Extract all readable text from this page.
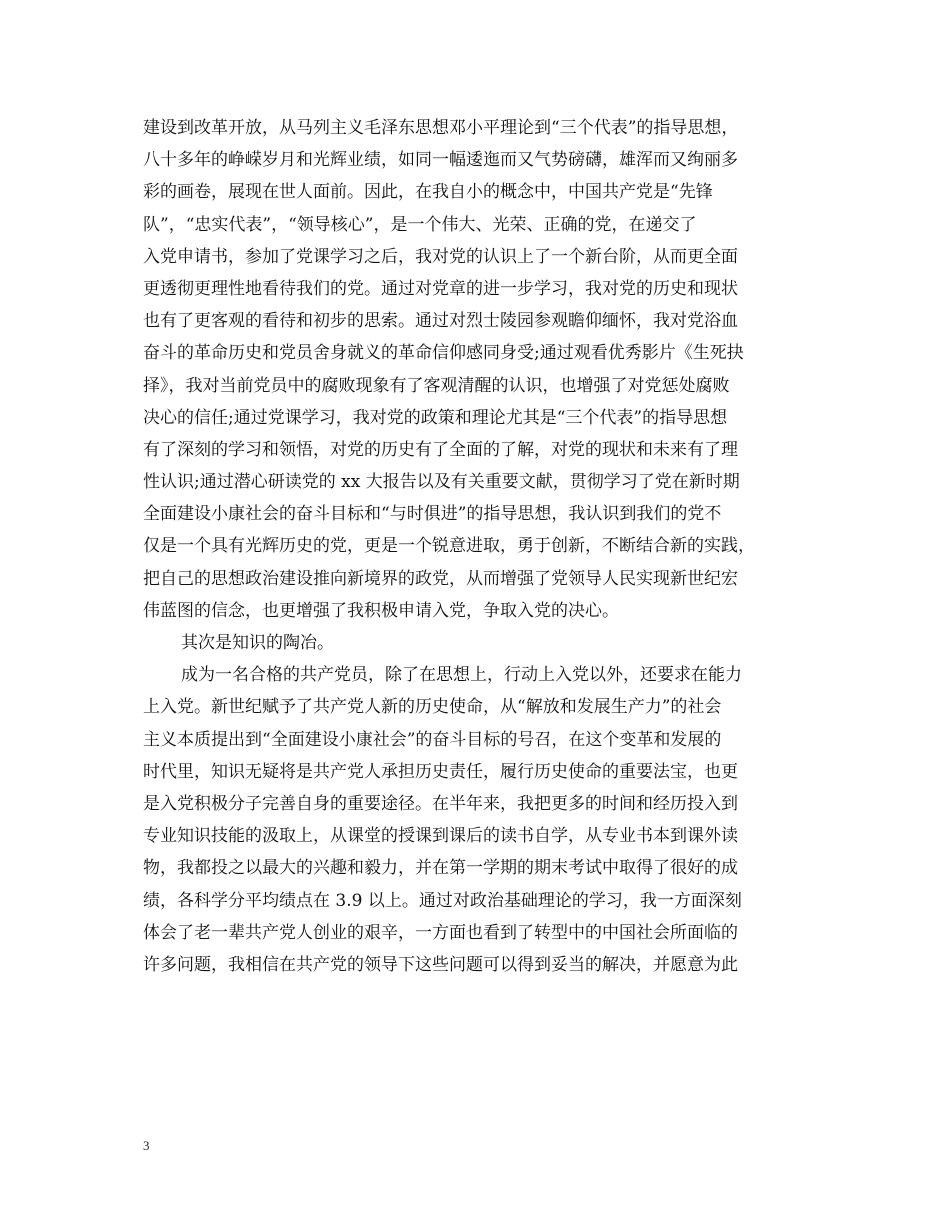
建设到改革开放，从马列主义毛泽东思想邓小平理论到“三个代表”的指导思想，
八十多年的峥嵘岁月和光辉业绩，如同一幅逶迤而又气势磅礴，雄浑而又绚丽多
彩的画卷，展现在世人面前。因此，在我自小的概念中，中国共产党是“先锋
队”，“忠实代表”，“领导核心”，是一个伟大、光荣、正确的党，在递交了
入党申请书，参加了党课学习之后，我对党的认识上了一个新台阶，从而更全面
更透彻更理性地看待我们的党。通过对党章的进一步学习，我对党的历史和现状
也有了更客观的看待和初步的思索。通过对烈士陵园参观瞻仰缅怀，我对党浴血
奋斗的革命历史和党员舍身就义的革命信仰感同身受;通过观看优秀影片《生死抉
择》，我对当前党员中的腐败现象有了客观清醒的认识，也增强了对党惩处腐败
决心的信任;通过党课学习，我对党的政策和理论尤其是“三个代表”的指导思想
有了深刻的学习和领悟，对党的历史有了全面的了解，对党的现状和未来有了理
性认识;通过潜心研读党的 xx 大报告以及有关重要文献，贯彻学习了党在新时期
全面建设小康社会的奋斗目标和“与时俱进”的指导思想，我认识到我们的党不
仅是一个具有光辉历史的党，更是一个锐意进取，勇于创新，不断结合新的实践，
把自己的思想政治建设推向新境界的政党，从而增强了党领导人民实现新世纪宏
伟蓝图的信念，也更增强了我积极申请入党，争取入党的决心。
其次是知识的陶冶。
成为一名合格的共产党员，除了在思想上，行动上入党以外，还要求在能力
上入党。新世纪赋予了共产党人新的历史使命，从“解放和发展生产力”的社会
主义本质提出到“全面建设小康社会”的奋斗目标的号召，在这个变革和发展的
时代里，知识无疑将是共产党人承担历史责任，履行历史使命的重要法宝，也更
是入党积极分子完善自身的重要途径。在半年来，我把更多的时间和经历投入到
专业知识技能的汲取上，从课堂的授课到课后的读书自学，从专业书本到课外读
物，我都投之以最大的兴趣和毅力，并在第一学期的期末考试中取得了很好的成
绩，各科学分平均绩点在 3.9 以上。通过对政治基础理论的学习，我一方面深刻
体会了老一辈共产党人创业的艰辛，一方面也看到了转型中的中国社会所面临的
许多问题，我相信在共产党的领导下这些问题可以得到妥当的解决，并愿意为此
3
